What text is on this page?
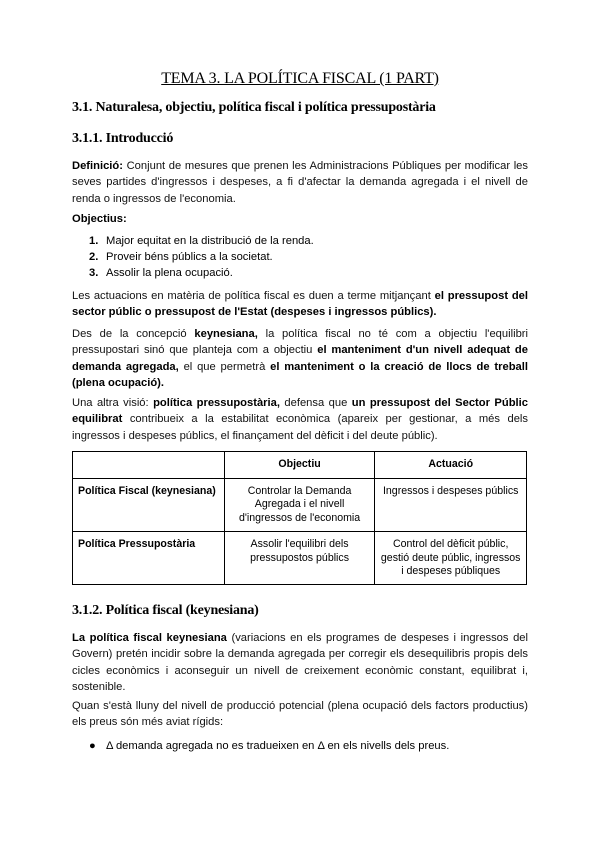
TEMA 3. LA POLÍTICA FISCAL (1 PART)
3.1. Naturalesa, objectiu, política fiscal i política pressupostària
3.1.1. Introducció
Definició: Conjunt de mesures que prenen les Administracions Públiques per modificar les seves partides d'ingressos i despeses, a fi d'afectar la demanda agregada i el nivell de renda o ingressos de l'economia.
Objectius:
1. Major equitat en la distribució de la renda.
2. Proveir béns públics a la societat.
3. Assolir la plena ocupació.
Les actuacions en matèria de política fiscal es duen a terme mitjançant el pressupost del sector públic o pressupost de l'Estat (despeses i ingressos públics).
Des de la concepció keynesiana, la política fiscal no té com a objectiu l'equilibri pressupostari sinó que planteja com a objectiu el manteniment d'un nivell adequat de demanda agregada, el que permetrà el manteniment o la creació de llocs de treball (plena ocupació).
Una altra visió: política pressupostària, defensa que un pressupost del Sector Públic equilibrat contribueix a la estabilitat econòmica (apareix per gestionar, a més dels ingressos i despeses públics, el finançament del dèficit i del deute públic).
	Objectiu	Actuació
Política Fiscal (keynesiana)	Controlar la Demanda Agregada i el nivell d'ingressos de l'economia	Ingressos i despeses públics
Política Pressupostària	Assolir l'equilibri dels pressupostos públics	Control del dèficit públic, gestió deute públic, ingressos i despeses públiques
3.1.2. Política fiscal (keynesiana)
La política fiscal keynesiana (variacions en els programes de despeses i ingressos del Govern) pretén incidir sobre la demanda agregada per corregir els desequilibris propis dels cicles econòmics i aconseguir un nivell de creixement econòmic constant, equilibrat i, sostenible.
Quan s'està lluny del nivell de producció potencial (plena ocupació dels factors productius) els preus són més aviat rígids:
● Δ demanda agregada no es tradueixen en Δ en els nivells dels preus.
